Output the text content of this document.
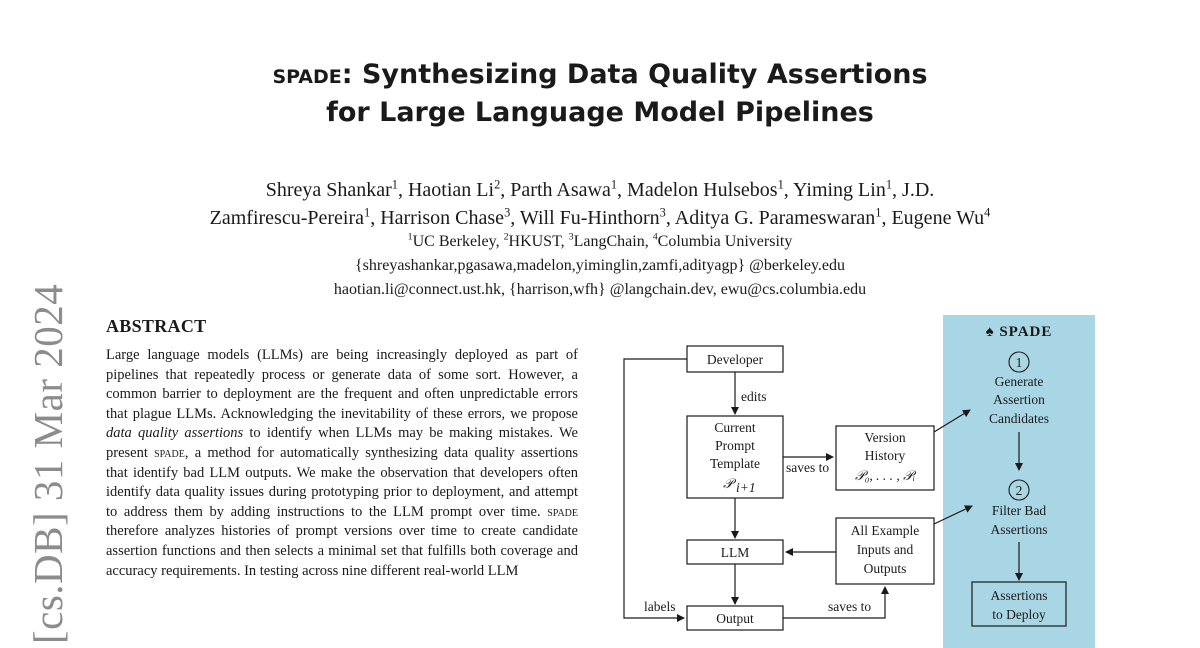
spade: Synthesizing Data Quality Assertions
for Large Language Model Pipelines
Shreya Shankar$^1$, Haotian Li$^2$, Parth Asawa$^1$, Madelon Hulsebos$^1$, Yiming Lin$^1$, J.D.
Zamfirescu-Pereira$^1$, Harrison Chase$^3$, Will Fu-Hinthorn$^3$, Aditya G. Parameswaran$^1$, Eugene Wu$^4$
$^1$UC Berkeley, $^2$HKUST, $^3$LangChain, $^4$Columbia University
{shreyashankar,pgasawa,madelon,yiminglin,zamfi,adityagp} @berkeley.edu
haotian.li@connect.ust.hk, {harrison,wfh} @langchain.dev, ewu@cs.columbia.edu
[cs.DB] 31 Mar 2024 ABSTRACT
Large language models (LLMs) are being increasingly deployed as part of pipelines that repeatedly process or generate data of some sort. However, a common barrier to deployment are the frequent and often unpredictable errors that plague LLMs. Acknowledging the inevitability of these errors, we propose data quality assertions to identify when LLMs may be making mistakes. We present spade, a method for automatically synthesizing data quality assertions that identify bad LLM outputs. We make the observation that developers often identify data quality issues during prototyping prior to deployment, and attempt to address them by adding instructions to the LLM prompt over time. spade therefore analyzes histories of prompt versions over time to create candidate assertion functions and then selects a minimal set that fulfills both coverage and accuracy requirements. In testing across nine different real-world LLM
♠ SPADE
Developer
edits
Current
Prompt
Template
𝒫 i+1
saves to
Version
History
𝒫₀, . . . , 𝒫ᵢ
LLM
All Example
Inputs and
Outputs
Output
saves to
labels
1
Generate
Assertion
Candidates
2
Filter Bad
Assertions
Assertions
to Deploy
